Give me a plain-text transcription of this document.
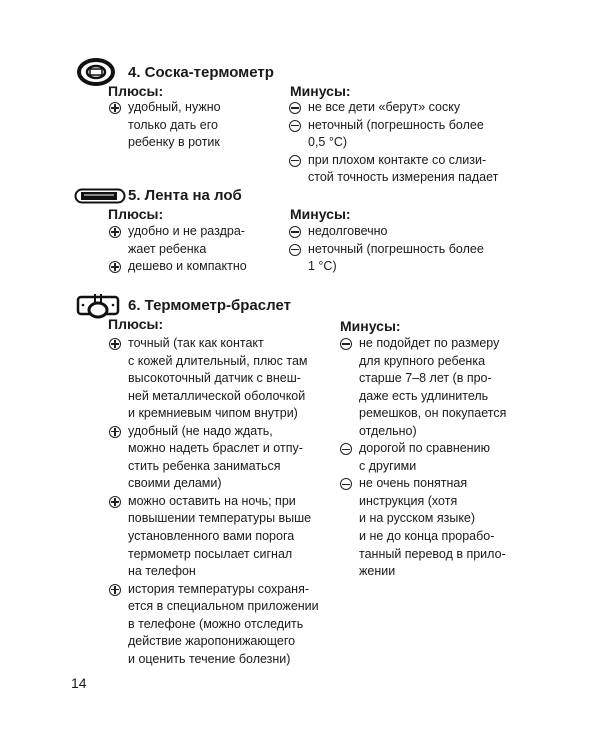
4. Соска-термометр
Плюсы:	Минусы:
удобный, нужно
только дать его
ребенку в ротик
не все дети «берут» соску
неточный (погрешность более
0,5 °C)
при плохом контакте со слизи-
стой точность измерения падает
5. Лента на лоб
Плюсы:	Минусы:
удобно и не раздра-
жает ребенка
дешево и компактно
недолговечно
неточный (погрешность более
1 °C)
6. Термометр-браслет
Плюсы:	Минусы:
точный (так как контакт
с кожей длительный, плюс там
высокоточный датчик с внеш-
ней металлической оболочкой
и кремниевым чипом внутри)
удобный (не надо ждать,
можно надеть браслет и отпу-
стить ребенка заниматься
своими делами)
можно оставить на ночь; при
повышении температуры выше
установленного вами порога
термометр посылает сигнал
на телефон
история температуры сохраня-
ется в специальном приложении
в телефоне (можно отследить
действие жаропонижающего
и оценить течение болезни)
не подойдет по размеру
для крупного ребенка
старше 7–8 лет (в про-
даже есть удлинитель
ремешков, он покупается
отдельно)
дорогой по сравнению
с другими
не очень понятная
инструкция (хотя
и на русском языке)
и не до конца прорабо-
танный перевод в прило-
жении
14
